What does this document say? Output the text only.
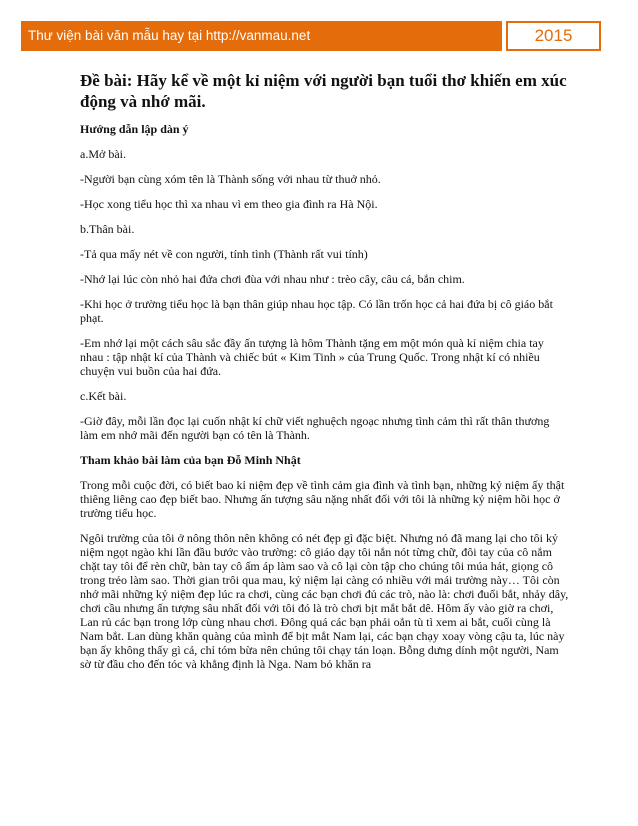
Thư viện bài văn mẫu hay tại http://vanmau.net	2015
Đề bài: Hãy kể về một kỉ niệm với người bạn tuổi thơ khiến em xúc động và nhớ mãi.
Hướng dẫn lập dàn ý
a.Mở bài.
-Người bạn cùng xóm tên là Thành sống với nhau từ thuở nhỏ.
-Học xong tiểu học thì xa nhau vì em theo gia đình ra Hà Nội.
b.Thân bài.
-Tả qua mấy nét về con người, tính tình (Thành rất vui tính)
-Nhớ lại lúc còn nhỏ hai đứa chơi đùa với nhau như : trèo cây, câu cá, bắn chim.
-Khi học ở trường tiểu học là bạn thân giúp nhau học tập. Có lần trốn học cả hai đứa bị cô giáo bắt phạt.
-Em nhớ lại một cách sâu sắc đầy ấn tượng là hôm Thành tặng em một món quà kỉ niệm chia tay nhau : tập nhật kí của Thành và chiếc bút « Kim Tinh » của Trung Quốc. Trong nhật kí có nhiều chuyện vui buồn của hai đứa.
c.Kết bài.
-Giờ đây, mỗi lần đọc lại cuốn nhật kí chữ viết nghuệch ngoạc nhưng tình cảm thì rất thân thương làm em nhớ mãi đến người bạn có tên là Thành.
Tham khảo bài làm của bạn Đỗ Minh Nhật
Trong mỗi cuộc đời, có biết bao kỉ niệm đẹp về tình cảm gia đình và tình bạn, những kỷ niệm ấy thật thiêng liêng cao đẹp biết bao. Nhưng ấn tượng sâu nặng nhất đối với tôi là những kỷ niệm hồi học ở trường tiểu học.
Ngôi trường của tôi ở nông thôn nên không có nét đẹp gì đặc biệt. Nhưng nó đã mang lại cho tôi kỷ niệm ngọt ngào khi lần đầu bước vào trường: cô giáo dạy tôi nắn nót từng chữ, đôi tay của cô nắm chặt tay tôi để rèn chữ, bàn tay cô ấm áp làm sao và cô lại còn tập cho chúng tôi múa hát, giọng cô trong trẻo làm sao. Thời gian trôi qua mau, kỷ niệm lại càng có nhiều với mái trường này… Tôi còn nhớ mãi những kỷ niệm đẹp lúc ra chơi, cùng các bạn chơi đủ các trò, nào là: chơi đuổi bắt, nhảy dây, chơi cầu nhưng ấn tượng sâu nhất đối với tôi đó là trò chơi bịt mắt bắt dê. Hôm ấy vào giờ ra chơi, Lan rủ các bạn trong lớp cùng nhau chơi. Đông quá các bạn phải oẳn tù tì xem ai bắt, cuối cùng là Nam bắt. Lan dùng khăn quàng của mình để bịt mắt Nam lại, các bạn chạy xoay vòng cậu ta, lúc này bạn ấy không thấy gì cả, chỉ tóm bừa nên chúng tôi chạy tán loạn. Bỗng dưng dính một người, Nam sờ từ đầu cho đến tóc và khẳng định là Nga. Nam bỏ khăn ra
